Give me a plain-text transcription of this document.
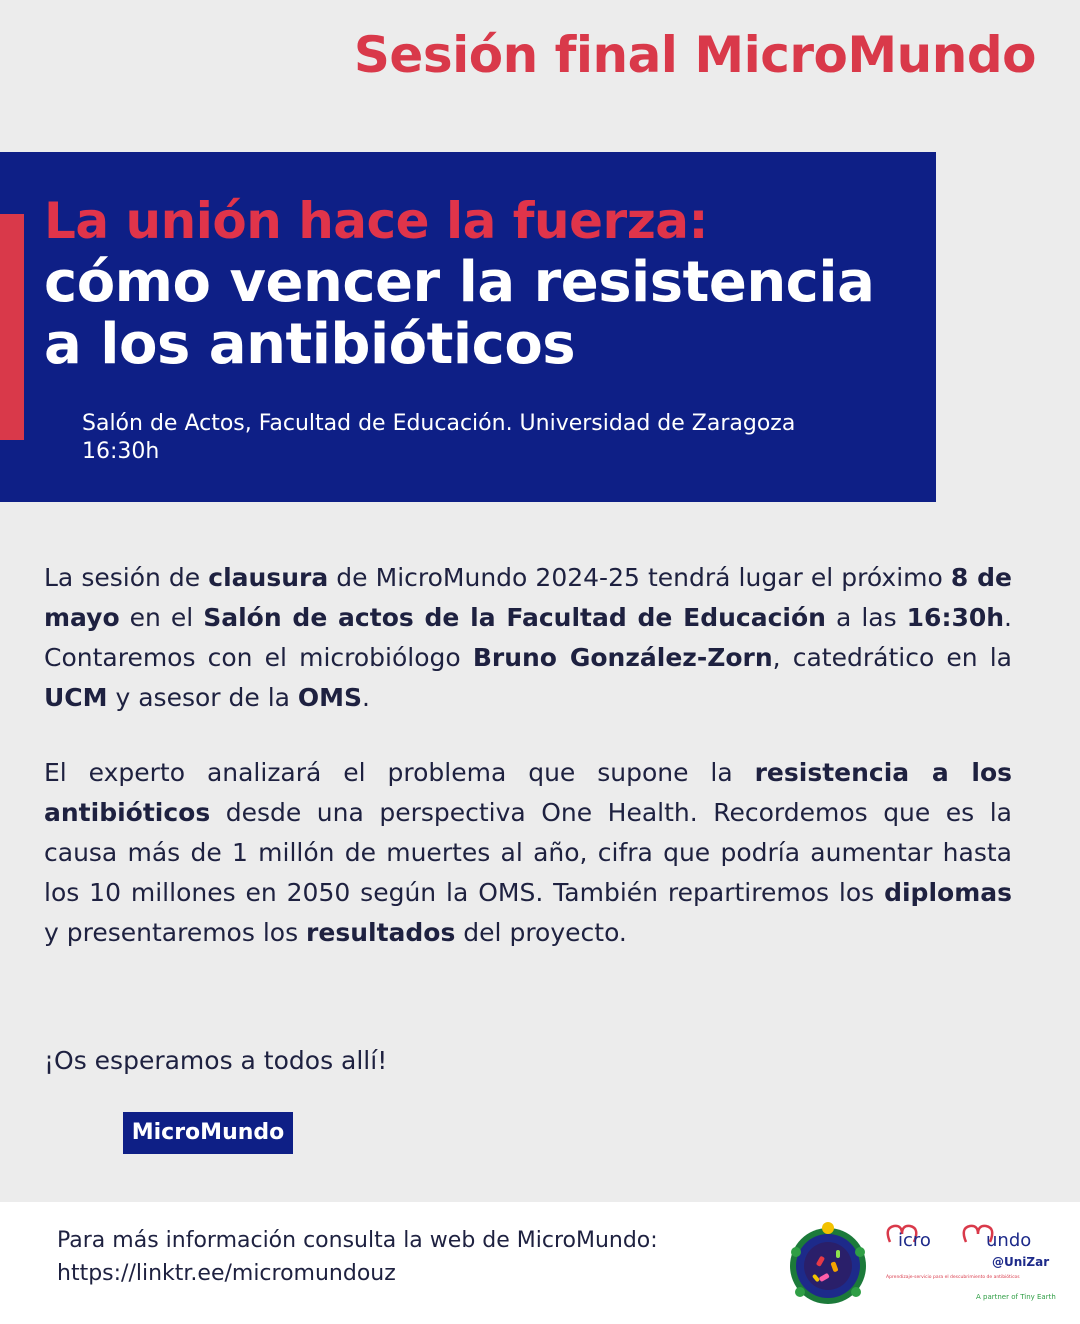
Sesión final MicroMundo
La unión hace la fuerza:
cómo vencer la resistencia
a los antibióticos
Salón de Actos, Facultad de Educación. Universidad de Zaragoza
16:30h
La sesión de clausura de MicroMundo 2024-25 tendrá lugar el próximo 8 de mayo en el Salón de actos de la Facultad de Educación a las 16:30h. Contaremos con el microbiólogo Bruno González-Zorn, catedrático en la UCM y asesor de la OMS.
El experto analizará el problema que supone la resistencia a los antibióticos desde una perspectiva One Health. Recordemos que es la causa más de 1 millón de muertes al año, cifra que podría aumentar hasta los 10 millones en 2050 según la OMS. También repartiremos los diplomas y presentaremos los resultados del proyecto.
¡Os esperamos a todos allí!
MicroMundo
Para más información consulta la web de MicroMundo:
https://linktr.ee/micromundouz
icro	undo
@UniZar
Aprendizaje-servicio para el descubrimiento de antibióticos
A partner of Tiny Earth
